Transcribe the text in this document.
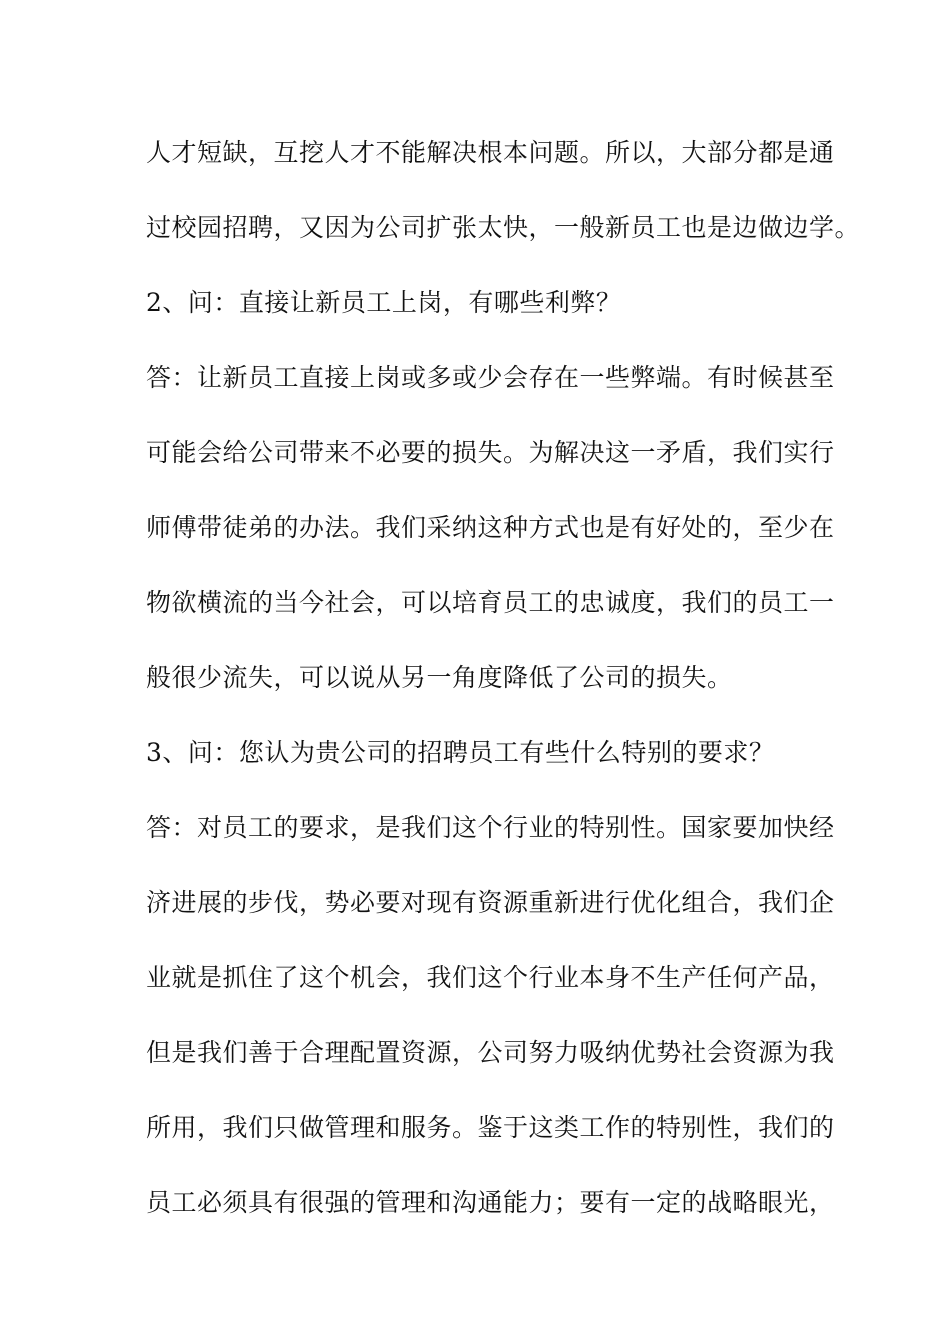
人才短缺，互挖人才不能解决根本问题。所以，大部分都是通
过校园招聘，又因为公司扩张太快，一般新员工也是边做边学。
2、问：直接让新员工上岗，有哪些利弊？
答：让新员工直接上岗或多或少会存在一些弊端。有时候甚至
可能会给公司带来不必要的损失。为解决这一矛盾，我们实行
师傅带徒弟的办法。我们采纳这种方式也是有好处的，至少在
物欲横流的当今社会，可以培育员工的忠诚度，我们的员工一
般很少流失，可以说从另一角度降低了公司的损失。
3、问：您认为贵公司的招聘员工有些什么特别的要求？
答：对员工的要求，是我们这个行业的特别性。国家要加快经
济进展的步伐，势必要对现有资源重新进行优化组合，我们企
业就是抓住了这个机会，我们这个行业本身不生产任何产品，
但是我们善于合理配置资源，公司努力吸纳优势社会资源为我
所用，我们只做管理和服务。鉴于这类工作的特别性，我们的
员工必须具有很强的管理和沟通能力；要有一定的战略眼光，
